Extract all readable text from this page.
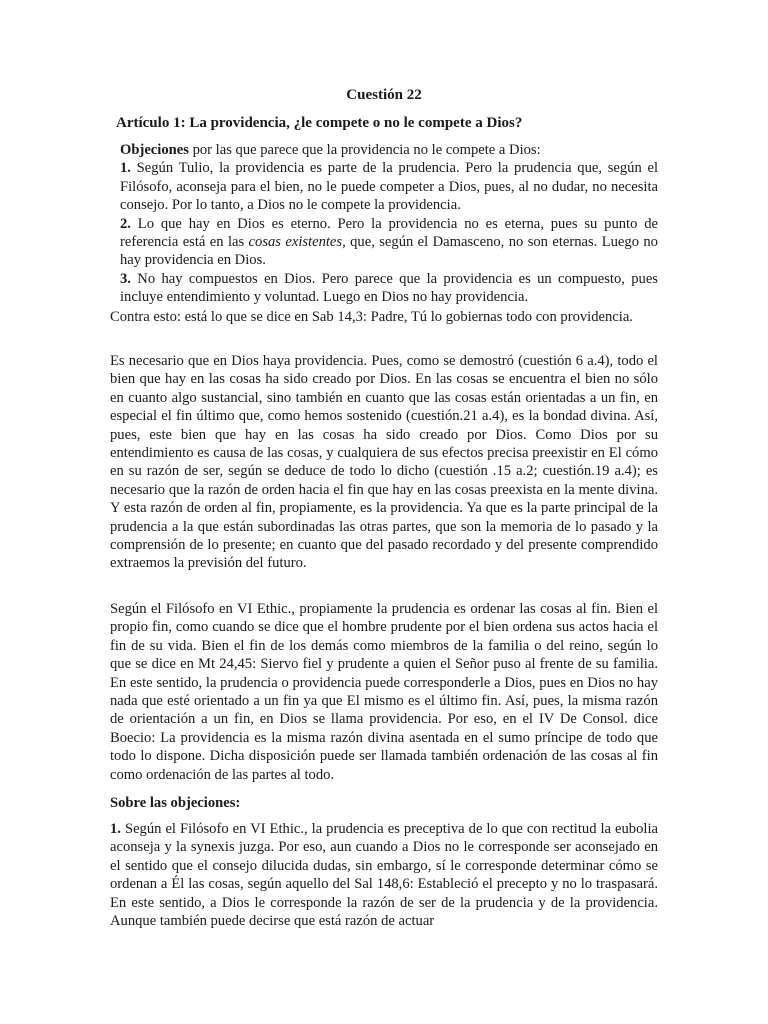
Cuestión 22
Artículo 1: La providencia, ¿le compete o no le compete a Dios?
Objeciones por las que parece que la providencia no le compete a Dios:
1. Según Tulio, la providencia es parte de la prudencia. Pero la prudencia que, según el Filósofo, aconseja para el bien, no le puede competer a Dios, pues, al no dudar, no necesita consejo. Por lo tanto, a Dios no le compete la providencia.
2. Lo que hay en Dios es eterno. Pero la providencia no es eterna, pues su punto de referencia está en las cosas existentes, que, según el Damasceno, no son eternas. Luego no hay providencia en Dios.
3. No hay compuestos en Dios. Pero parece que la providencia es un compuesto, pues incluye entendimiento y voluntad. Luego en Dios no hay providencia.
Contra esto: está lo que se dice en Sab 14,3: Padre, Tú lo gobiernas todo con providencia.
Es necesario que en Dios haya providencia. Pues, como se demostró (cuestión 6 a.4), todo el bien que hay en las cosas ha sido creado por Dios. En las cosas se encuentra el bien no sólo en cuanto algo sustancial, sino también en cuanto que las cosas están orientadas a un fin, en especial el fin último que, como hemos sostenido (cuestión.21 a.4), es la bondad divina. Así, pues, este bien que hay en las cosas ha sido creado por Dios. Como Dios por su entendimiento es causa de las cosas, y cualquiera de sus efectos precisa preexistir en El cómo en su razón de ser, según se deduce de todo lo dicho (cuestión .15 a.2; cuestión.19 a.4); es necesario que la razón de orden hacia el fin que hay en las cosas preexista en la mente divina. Y esta razón de orden al fin, propiamente, es la providencia. Ya que es la parte principal de la prudencia a la que están subordinadas las otras partes, que son la memoria de lo pasado y la comprensión de lo presente; en cuanto que del pasado recordado y del presente comprendido extraemos la previsión del futuro.
Según el Filósofo en VI Ethic., propiamente la prudencia es ordenar las cosas al fin. Bien el propio fin, como cuando se dice que el hombre prudente por el bien ordena sus actos hacia el fin de su vida. Bien el fin de los demás como miembros de la familia o del reino, según lo que se dice en Mt 24,45: Siervo fiel y prudente a quien el Señor puso al frente de su familia. En este sentido, la prudencia o providencia puede corresponderle a Dios, pues en Dios no hay nada que esté orientado a un fin ya que El mismo es el último fin. Así, pues, la misma razón de orientación a un fin, en Dios se llama providencia. Por eso, en el IV De Consol. dice Boecio: La providencia es la misma razón divina asentada en el sumo príncipe de todo que todo lo dispone. Dicha disposición puede ser llamada también ordenación de las cosas al fin como ordenación de las partes al todo.
Sobre las objeciones:
1. Según el Filósofo en VI Ethic., la prudencia es preceptiva de lo que con rectitud la eubolia aconseja y la synexis juzga. Por eso, aun cuando a Dios no le corresponde ser aconsejado en el sentido que el consejo dilucida dudas, sin embargo, sí le corresponde determinar cómo se ordenan a Él las cosas, según aquello del Sal 148,6: Estableció el precepto y no lo traspasará. En este sentido, a Dios le corresponde la razón de ser de la prudencia y de la providencia. Aunque también puede decirse que está razón de actuar
